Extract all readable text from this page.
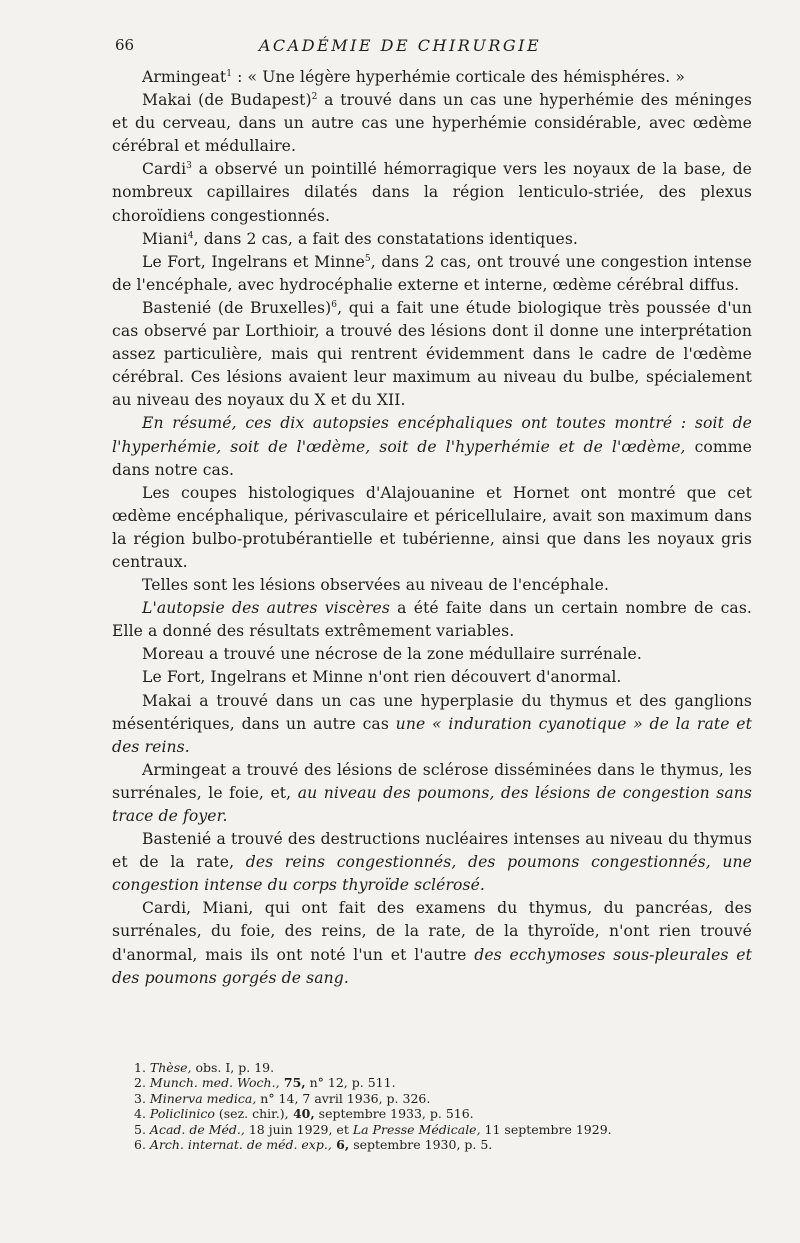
66	ACADÉMIE DE CHIRURGIE

Armingeat$^1$ : « Une légère hyperhémie corticale des hémisphéres. »

Makai (de Budapest)$^2$ a trouvé dans un cas une hyperhémie des méninges et du cerveau, dans un autre cas une hyperhémie considérable, avec œdème cérébral et médullaire.

Cardi$^3$ a observé un pointillé hémorragique vers les noyaux de la base, de nombreux capillaires dilatés dans la région lenticulo-striée, des plexus choroïdiens congestionnés.

Miani$^4$, dans 2 cas, a fait des constatations identiques.

Le Fort, Ingelrans et Minne$^5$, dans 2 cas, ont trouvé une congestion intense de l'encéphale, avec hydrocéphalie externe et interne, œdème cérébral diffus.

Bastenié (de Bruxelles)$^6$, qui a fait une étude biologique très poussée d'un cas observé par Lorthioir, a trouvé des lésions dont il donne une interprétation assez particulière, mais qui rentrent évidemment dans le cadre de l'œdème cérébral. Ces lésions avaient leur maximum au niveau du bulbe, spécialement au niveau des noyaux du X et du XII.

En résumé, ces dix autopsies encéphaliques ont toutes montré : soit de l'hyperhémie, soit de l'œdème, soit de l'hyperhémie et de l'œdème, comme dans notre cas.

Les coupes histologiques d'Alajouanine et Hornet ont montré que cet œdème encéphalique, périvasculaire et péricellulaire, avait son maximum dans la région bulbo-protubérantielle et tubérienne, ainsi que dans les noyaux gris centraux.

Telles sont les lésions observées au niveau de l'encéphale.

L'autopsie des autres viscères a été faite dans un certain nombre de cas. Elle a donné des résultats extrêmement variables.

Moreau a trouvé une nécrose de la zone médullaire surrénale.

Le Fort, Ingelrans et Minne n'ont rien découvert d'anormal.

Makai a trouvé dans un cas une hyperplasie du thymus et des ganglions mésentériques, dans un autre cas une « induration cyanotique » de la rate et des reins.

Armingeat a trouvé des lésions de sclérose disséminées dans le thymus, les surrénales, le foie, et, au niveau des poumons, des lésions de congestion sans trace de foyer.

Bastenié a trouvé des destructions nucléaires intenses au niveau du thymus et de la rate, des reins congestionnés, des poumons congestionnés, une congestion intense du corps thyroïde sclérosé.

Cardi, Miani, qui ont fait des examens du thymus, du pancréas, des surrénales, du foie, des reins, de la rate, de la thyroïde, n'ont rien trouvé d'anormal, mais ils ont noté l'un et l'autre des ecchymoses sous-pleurales et des poumons gorgés de sang.

1. Thèse, obs. I, p. 19.
2. Munch. med. Woch., 75, n° 12, p. 511.
3. Minerva medica, n° 14, 7 avril 1936, p. 326.
4. Policlinico (sez. chir.), 40, septembre 1933, p. 516.
5. Acad. de Méd., 18 juin 1929, et La Presse Médicale, 11 septembre 1929.
6. Arch. internat. de méd. exp., 6, septembre 1930, p. 5.
